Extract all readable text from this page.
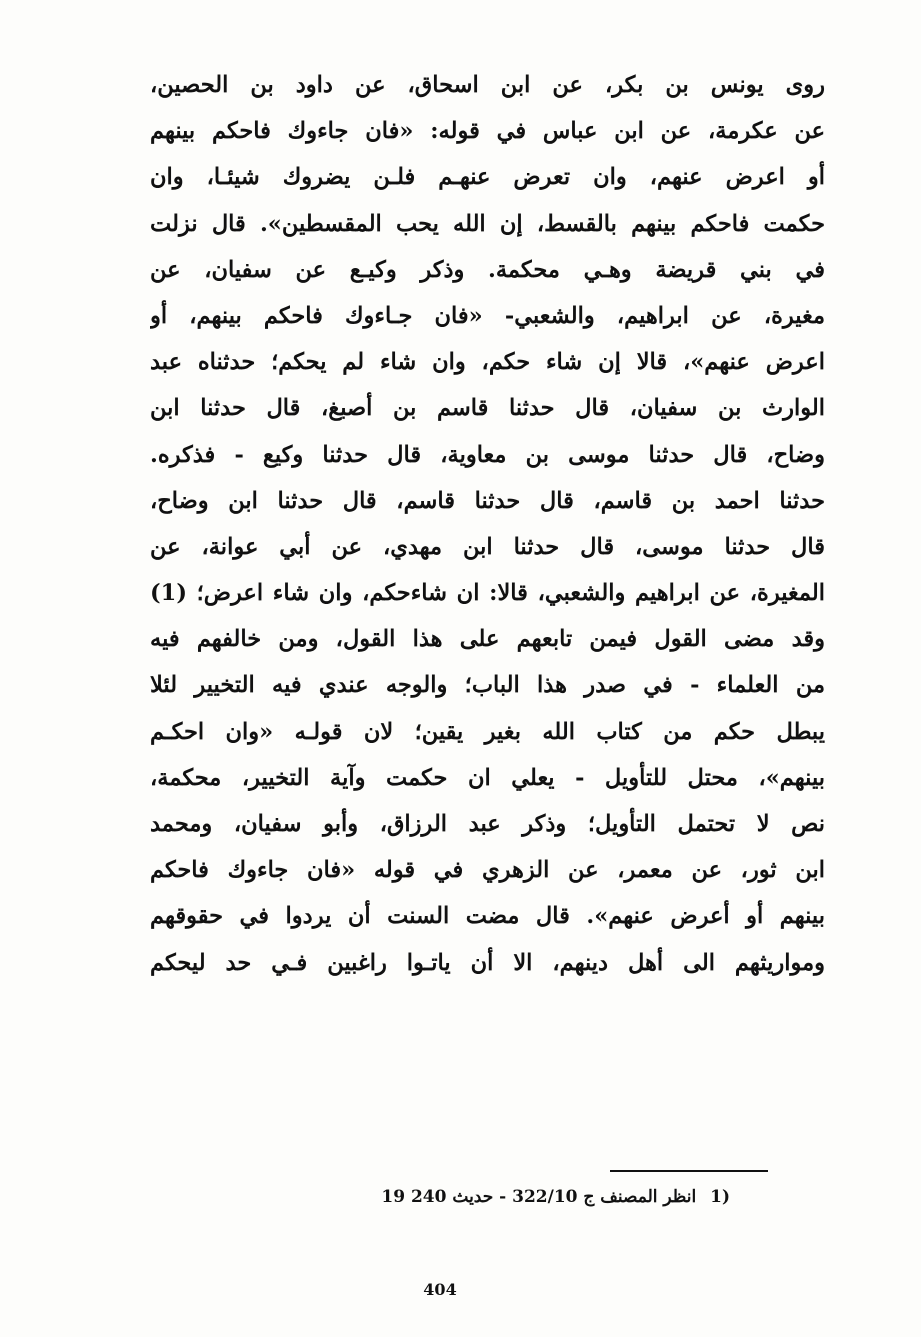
روى يونس بن بكر، عن ابن اسحاق، عن داود بن الحصين،
عن عكرمة، عن ابن عباس في قوله: «فان جاءوك فاحكم بينهم
أو اعرض عنهم، وان تعرض عنهـم فلـن يضروك شيئـا، وان
حكمت فاحكم بينهم بالقسط، إن الله يحب المقسطين». قال نزلت
في بني قريضة وهـي محكمة. وذكر وكيـع عن سفيان، عن
مغيرة، عن ابراهيم، والشعبي- «فان جـاءوك فاحكم بينهم، أو
اعرض عنهم»، قالا إن شاء حكم، وان شاء لم يحكم؛ حدثناه عبد
الوارث بن سفيان، قال حدثنا قاسم بن أصبغ، قال حدثنا ابن
وضاح، قال حدثنا موسى بن معاوية، قال حدثنا وكيع - فذكره.
حدثنا احمد بن قاسم، قال حدثنا قاسم، قال حدثنا ابن وضاح،
قال حدثنا موسى، قال حدثنا ابن مهدي، عن أبي عوانة، عن
المغيرة، عن ابراهيم والشعبي، قالا: ان شاءحكم، وان شاء اعرض؛ (1)
وقد مضى القول فيمن تابعهم على هذا القول، ومن خالفهم فيه
من العلماء - في صدر هذا الباب؛ والوجه عندي فيه التخيير لئلا
يبطل حكم من كتاب الله بغير يقين؛ لان قولـه «وان احكـم
بينهم»، محتل للتأويل - يعلي ان حكمت وآية التخيير، محكمة،
نص لا تحتمل التأويل؛ وذكر عبد الرزاق، وأبو سفيان، ومحمد
ابن ثور، عن معمر، عن الزهري في قوله «فان جاءوك فاحكم
بينهم أو أعرض عنهم». قال مضت السنت أن يردوا في حقوقهم
ومواريثهم الى أهل دينهم، الا أن ياتـوا راغبين فـي حد ليحكم
1) انظر المصنف ج 322/10 - حديث 240 19
404
